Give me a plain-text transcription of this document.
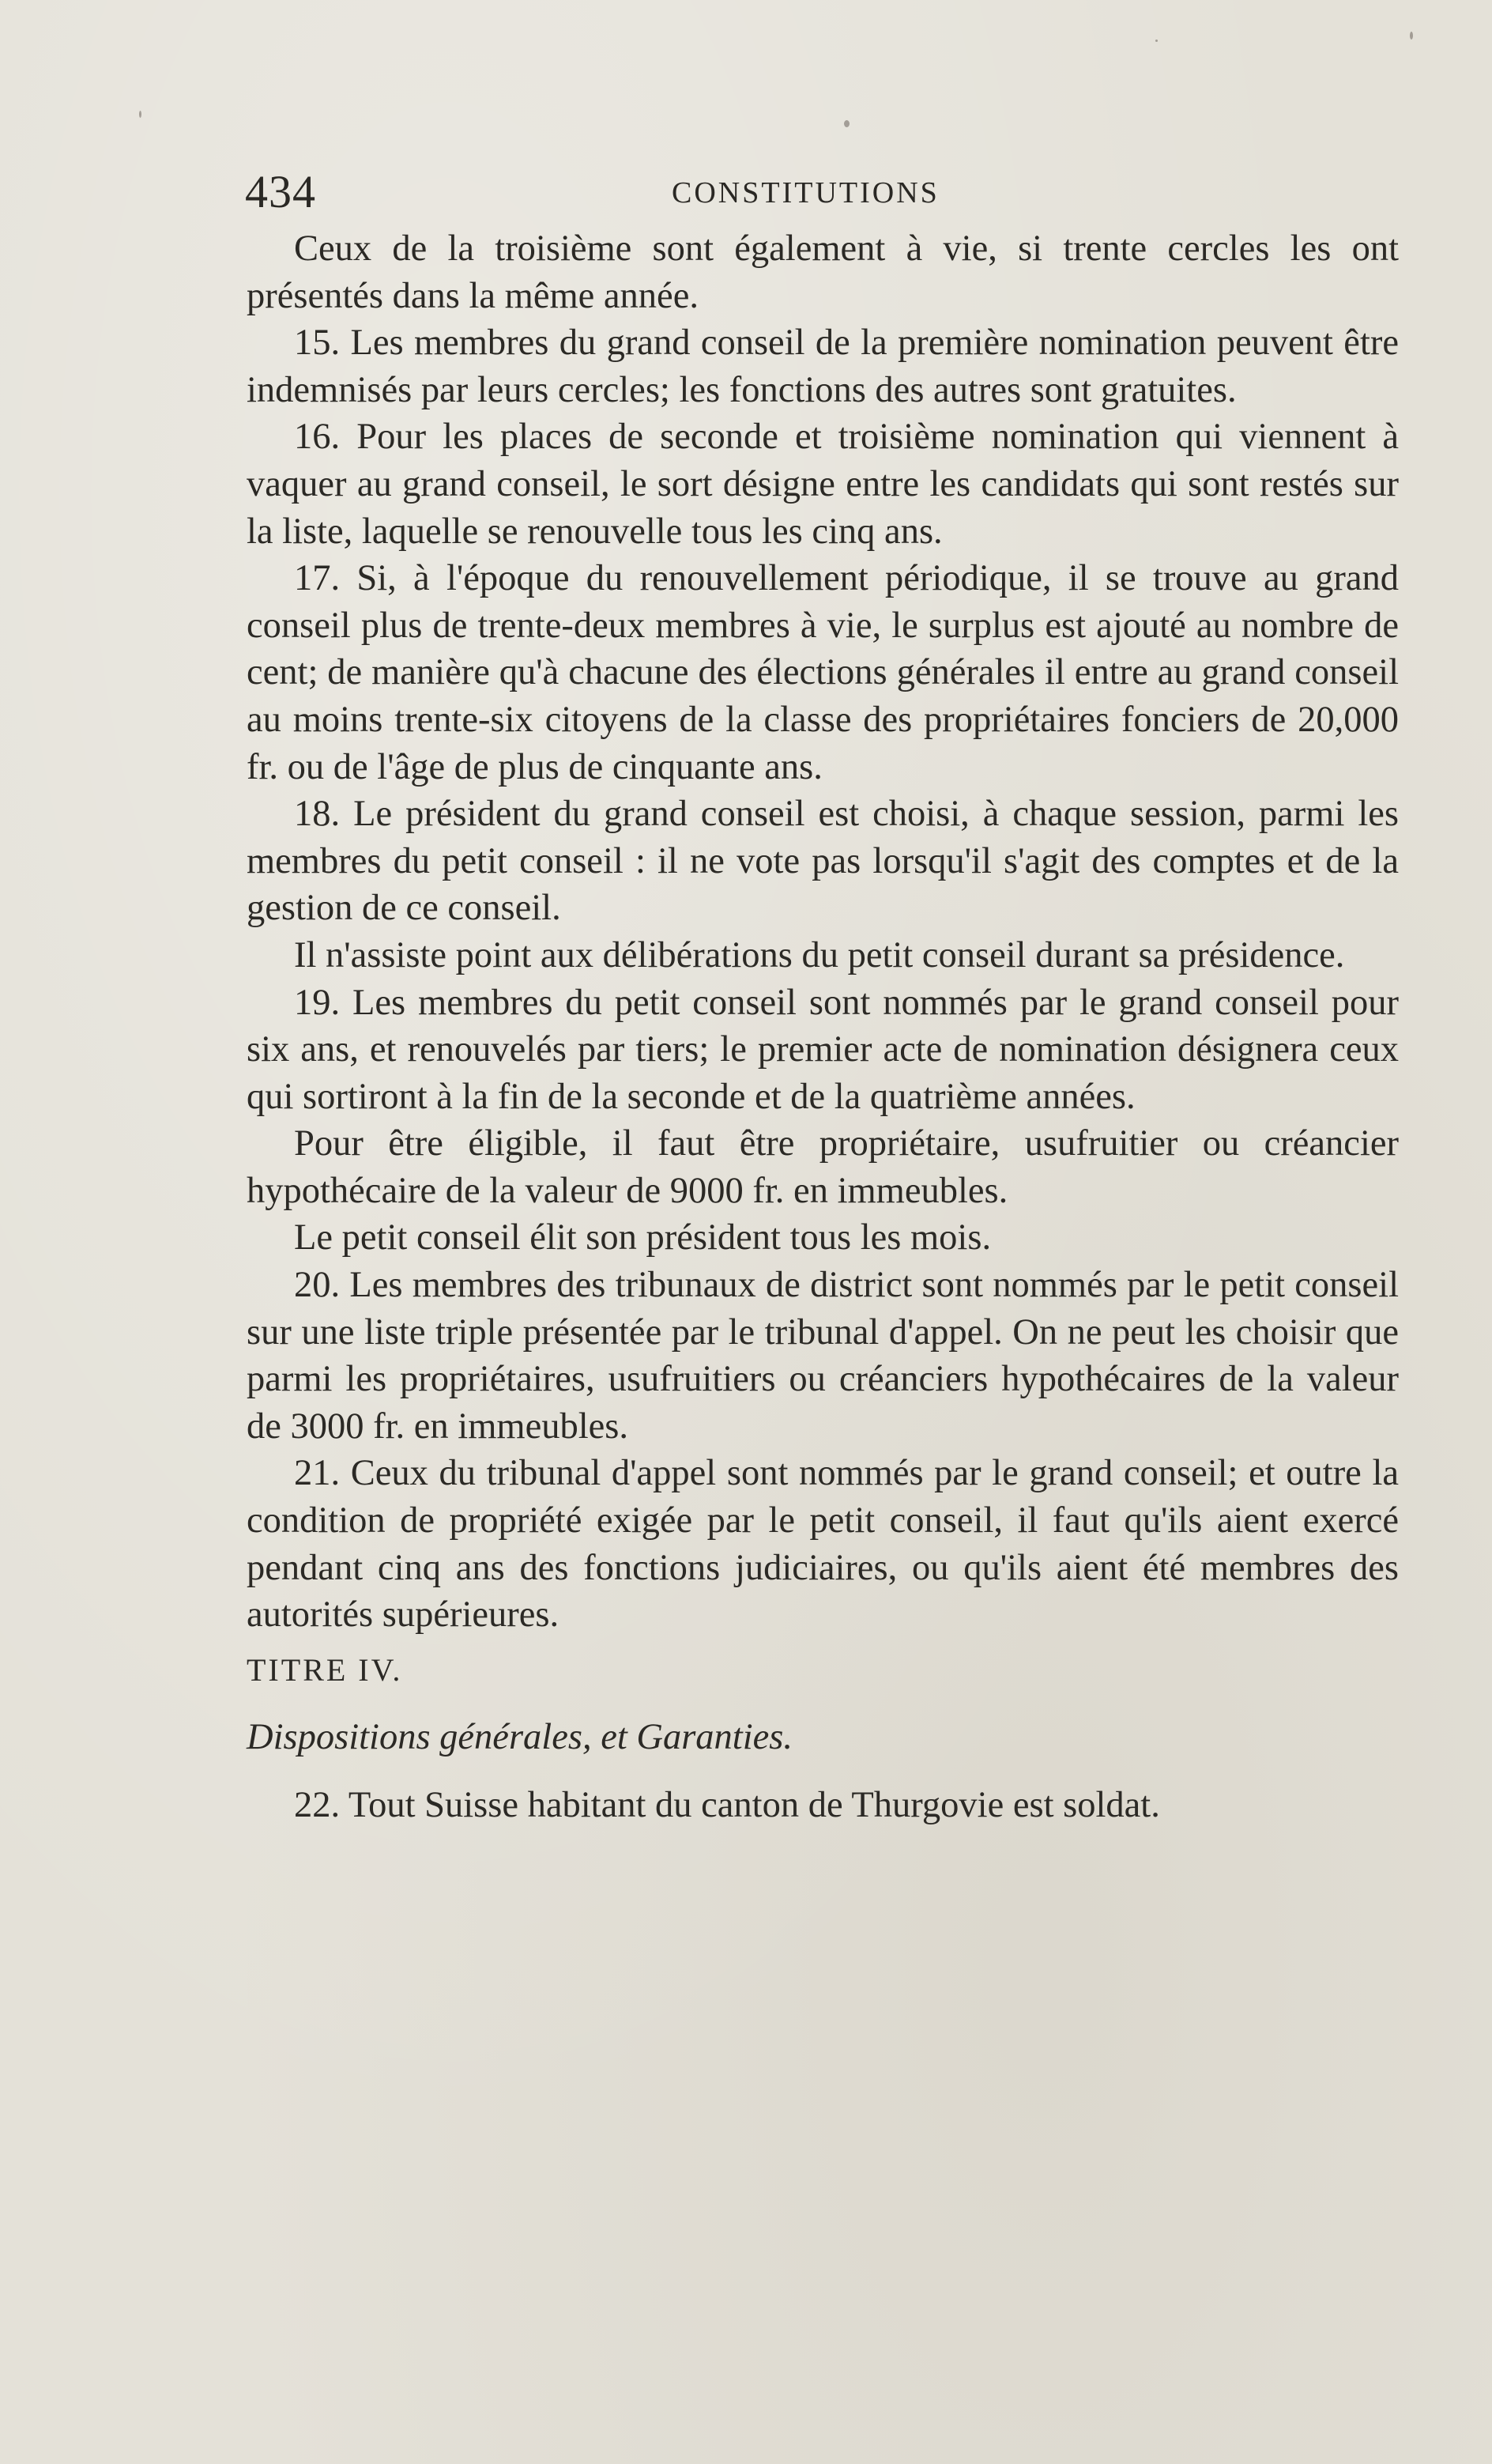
434	CONSTITUTIONS

Ceux de la troisième sont également à vie, si trente cercles les ont présentés dans la même année.

15. Les membres du grand conseil de la première nomination peuvent être indemnisés par leurs cercles; les fonctions des autres sont gratuites.

16. Pour les places de seconde et troisième nomination qui viennent à vaquer au grand conseil, le sort désigne entre les candidats qui sont restés sur la liste, laquelle se renouvelle tous les cinq ans.

17. Si, à l'époque du renouvellement périodique, il se trouve au grand conseil plus de trente-deux membres à vie, le surplus est ajouté au nombre de cent; de manière qu'à chacune des élections générales il entre au grand conseil au moins trente-six citoyens de la classe des propriétaires fonciers de 20,000 fr. ou de l'âge de plus de cinquante ans.

18. Le président du grand conseil est choisi, à chaque session, parmi les membres du petit conseil : il ne vote pas lorsqu'il s'agit des comptes et de la gestion de ce conseil.

Il n'assiste point aux délibérations du petit conseil durant sa présidence.

19. Les membres du petit conseil sont nommés par le grand conseil pour six ans, et renouvelés par tiers; le premier acte de nomination désignera ceux qui sortiront à la fin de la seconde et de la quatrième années.

Pour être éligible, il faut être propriétaire, usufruitier ou créancier hypothécaire de la valeur de 9000 fr. en immeubles.

Le petit conseil élit son président tous les mois.

20. Les membres des tribunaux de district sont nommés par le petit conseil sur une liste triple présentée par le tribunal d'appel. On ne peut les choisir que parmi les propriétaires, usufruitiers ou créanciers hypothécaires de la valeur de 3000 fr. en immeubles.

21. Ceux du tribunal d'appel sont nommés par le grand conseil; et outre la condition de propriété exigée par le petit conseil, il faut qu'ils aient exercé pendant cinq ans des fonctions judiciaires, ou qu'ils aient été membres des autorités supérieures.

TITRE IV.

Dispositions générales, et Garanties.

22. Tout Suisse habitant du canton de Thurgovie est soldat.
